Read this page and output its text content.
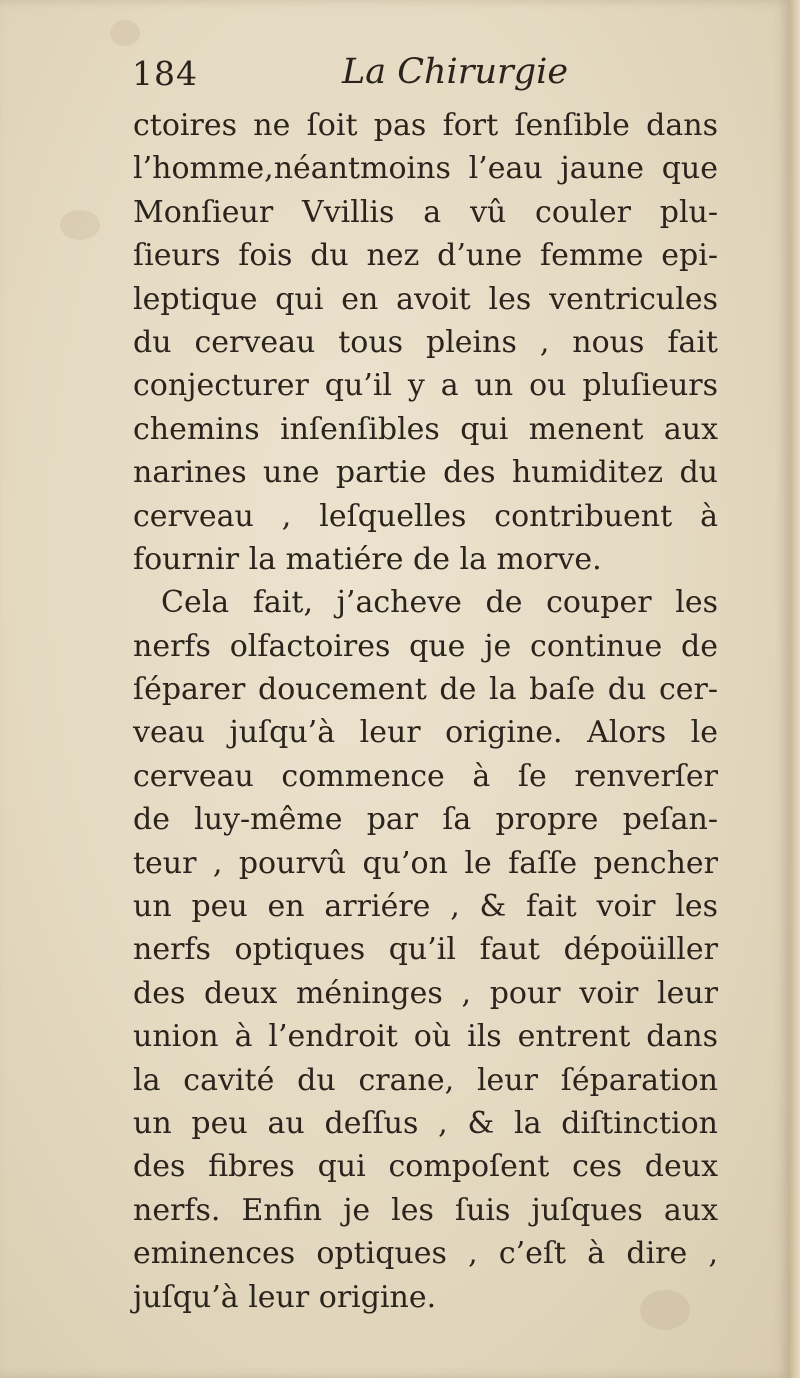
184	La Chirurgie
ctoires ne ſoit pas fort ſenſible dans
l’homme,néantmoins l’eau jaune que
Monſieur Vvillis a vû couler plu-
ſieurs fois du nez d’une femme epi-
leptique qui en avoit les ventricules
du cerveau tous pleins , nous fait
conjecturer qu’il y a un ou pluſieurs
chemins inſenſibles qui menent aux
narines une partie des humiditez du
cerveau , leſquelles contribuent à
fournir la matiére de la morve.
Cela fait, j’acheve de couper les
nerfs olfactoires que je continue de
ſéparer doucement de la baſe du cer-
veau juſqu’à leur origine. Alors le
cerveau commence à ſe renverſer
de luy-même par ſa propre peſan-
teur , pourvû qu’on le faſſe pencher
un peu en arriére , & fait voir les
nerfs optiques qu’il faut dépoüiller
des deux méninges , pour voir leur
union à l’endroit où ils entrent dans
la cavité du crane, leur ſéparation
un peu au deſſus , & la diſtinction
des fibres qui compoſent ces deux
nerfs. Enfin je les ſuis juſques aux
eminences optiques , c’eſt à dire ,
juſqu’à leur origine.
